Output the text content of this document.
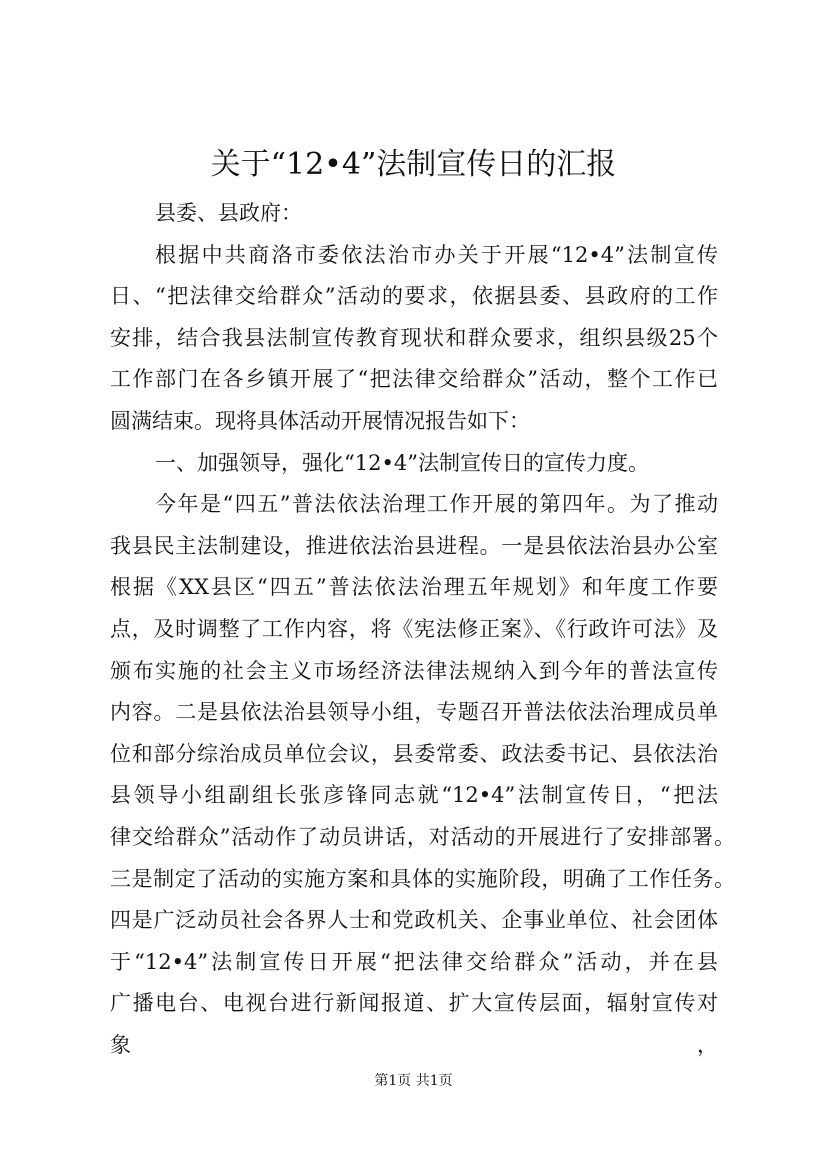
关于“12•4”法制宣传日的汇报
县委、县政府：
根据中共商洛市委依法治市办关于开展“12•4”法制宣传
日、“把法律交给群众”活动的要求，依据县委、县政府的工作
安排，结合我县法制宣传教育现状和群众要求，组织县级25个
工作部门在各乡镇开展了“把法律交给群众”活动，整个工作已
圆满结束。现将具体活动开展情况报告如下：
一、加强领导，强化“12•4”法制宣传日的宣传力度。
今年是“四五”普法依法治理工作开展的第四年。为了推动
我县民主法制建设，推进依法治县进程。一是县依法治县办公室
根据《XX县区“四五”普法依法治理五年规划》和年度工作要
点，及时调整了工作内容，将《宪法修正案》、《行政许可法》及
颁布实施的社会主义市场经济法律法规纳入到今年的普法宣传
内容。二是县依法治县领导小组，专题召开普法依法治理成员单
位和部分综治成员单位会议，县委常委、政法委书记、县依法治
县领导小组副组长张彦锋同志就“12•4”法制宣传日，“把法
律交给群众”活动作了动员讲话，对活动的开展进行了安排部署。
三是制定了活动的实施方案和具体的实施阶段，明确了工作任务。
四是广泛动员社会各界人士和党政机关、企事业单位、社会团体
于“12•4”法制宣传日开展“把法律交给群众”活动，并在县
广播电台、电视台进行新闻报道、扩大宣传层面，辐射宣传对象，
第1页 共1页
